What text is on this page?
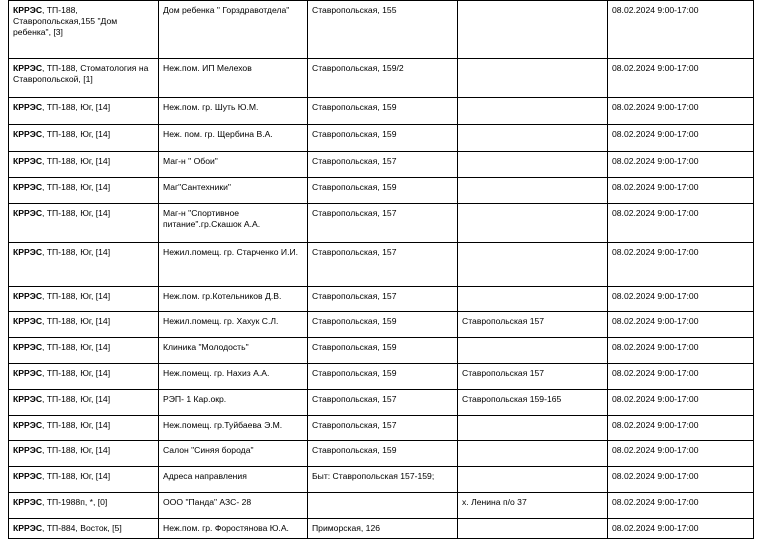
КРРЭС, ТП-188, Ставропольская,155 "Дом ребенка", [3]	Дом ребенка " Горздравотдела"	Ставропольская, 155		08.02.2024 9:00-17:00
КРРЭС, ТП-188, Стоматология на Ставропольской, [1]	Неж.пом. ИП Мелехов	Ставропольская, 159/2		08.02.2024 9:00-17:00
КРРЭС, ТП-188, Юг, [14]	Неж.пом. гр. Шуть Ю.М.	Ставропольская, 159		08.02.2024 9:00-17:00
КРРЭС, ТП-188, Юг, [14]	Неж. пом. гр. Щербина В.А.	Ставропольская, 159		08.02.2024 9:00-17:00
КРРЭС, ТП-188, Юг, [14]	Маг-н " Обои"	Ставропольская, 157		08.02.2024 9:00-17:00
КРРЭС, ТП-188, Юг, [14]	Маг"Сантехники"	Ставропольская, 159		08.02.2024 9:00-17:00
КРРЭС, ТП-188, Юг, [14]	Маг-н "Спортивное питание".гр.Скашок А.А.	Ставропольская, 157		08.02.2024 9:00-17:00
КРРЭС, ТП-188, Юг, [14]	Нежил.помещ. гр. Старченко И.И.	Ставропольская, 157		08.02.2024 9:00-17:00
КРРЭС, ТП-188, Юг, [14]	Неж.пом. гр.Котельников Д.В.	Ставропольская, 157		08.02.2024 9:00-17:00
КРРЭС, ТП-188, Юг, [14]	Нежил.помещ. гр. Хахук С.Л.	Ставропольская, 159	Ставропольская 157	08.02.2024 9:00-17:00
КРРЭС, ТП-188, Юг, [14]	Клиника "Молодость"	Ставропольская, 159		08.02.2024 9:00-17:00
КРРЭС, ТП-188, Юг, [14]	Неж.помещ. гр. Нахиз А.А.	Ставропольская, 159	Ставропольская 157	08.02.2024 9:00-17:00
КРРЭС, ТП-188, Юг, [14]	РЭП- 1 Кар.окр.	Ставропольская, 157	Ставропольская 159-165	08.02.2024 9:00-17:00
КРРЭС, ТП-188, Юг, [14]	Неж.помещ. гр.Туйбаева Э.М.	Ставропольская, 157		08.02.2024 9:00-17:00
КРРЭС, ТП-188, Юг, [14]	Салон "Синяя борода"	Ставропольская, 159		08.02.2024 9:00-17:00
КРРЭС, ТП-188, Юг, [14]	Адреса направления	Быт: Ставропольская 157-159;		08.02.2024 9:00-17:00
КРРЭС, ТП-1988п, *, [0]	ООО "Панда" АЗС- 28		х. Ленина п/о 37	08.02.2024 9:00-17:00
КРРЭС, ТП-884, Восток, [5]	Неж.пом. гр. Форостянова Ю.А.	Приморская, 126		08.02.2024 9:00-17:00
